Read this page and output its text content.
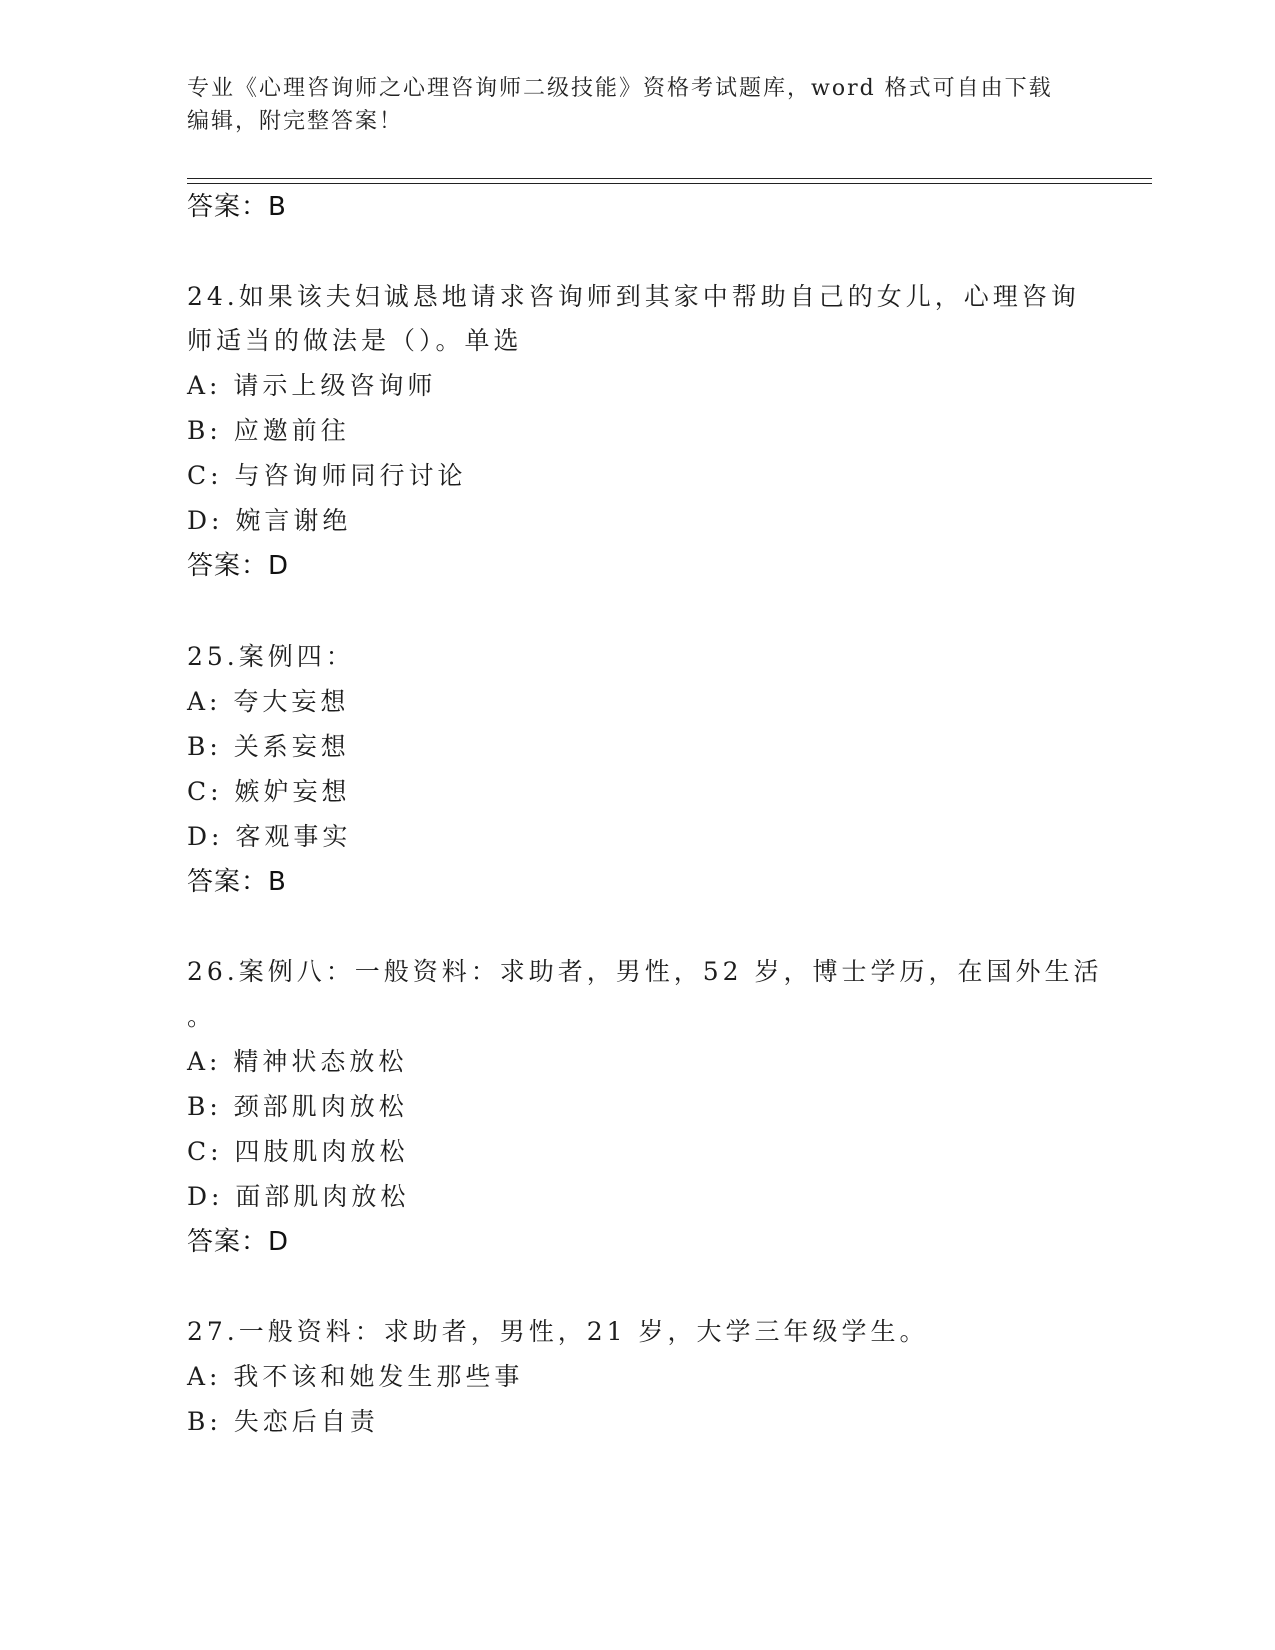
专业《心理咨询师之心理咨询师二级技能》资格考试题库，word 格式可自由下载
编辑，附完整答案！
答案：B
24.如果该夫妇诚恳地请求咨询师到其家中帮助自己的女儿，心理咨询
师适当的做法是（）。单选
A: 请示上级咨询师
B: 应邀前往
C: 与咨询师同行讨论
D: 婉言谢绝
答案：D
25.案例四：
A: 夸大妄想
B: 关系妄想
C: 嫉妒妄想
D: 客观事实
答案：B
26.案例八：一般资料：求助者，男性，52 岁，博士学历，在国外生活
。
A: 精神状态放松
B: 颈部肌肉放松
C: 四肢肌肉放松
D: 面部肌肉放松
答案：D
27.一般资料：求助者，男性，21 岁，大学三年级学生。
A: 我不该和她发生那些事
B: 失恋后自责
